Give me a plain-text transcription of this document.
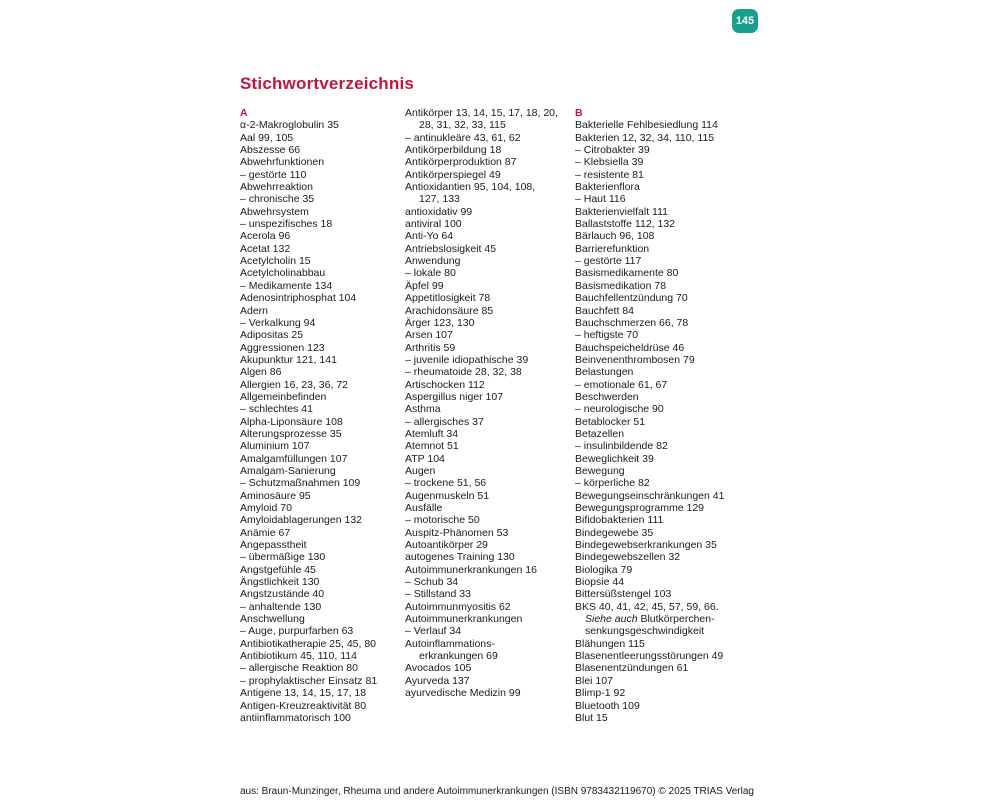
145
Stichwortverzeichnis
A
α-2-Makroglobulin 35
Aal 99, 105
Abszesse 66
Abwehrfunktionen
– gestörte 110
Abwehrreaktion
– chronische 35
Abwehrsystem
– unspezifisches 18
Acerola 96
Acetat 132
Acetylcholin 15
Acetylcholinabbau
– Medikamente 134
Adenosintriphosphat 104
Adern
– Verkalkung 94
Adipositas 25
Aggressionen 123
Akupunktur 121, 141
Algen 86
Allergien 16, 23, 36, 72
Allgemeinbefinden
– schlechtes 41
Alpha-Liponsäure 108
Alterungsprozesse 35
Aluminium 107
Amalgamfüllungen 107
Amalgam-Sanierung
– Schutzmaßnahmen 109
Aminosäure 95
Amyloid 70
Amyloidablagerungen 132
Anämie 67
Angepasstheit
– übermäßige 130
Angstgefühle 45
Ängstlichkeit 130
Angstzustände 40
– anhaltende 130
Anschwellung
– Auge, purpurfarben 63
Antibiotikatherapie 25, 45, 80
Antibiotikum 45, 110, 114
– allergische Reaktion 80
– prophylaktischer Einsatz 81
Antigene 13, 14, 15, 17, 18
Antigen-Kreuzreaktivität 80
antiinflammatorisch 100
Antikörper 13, 14, 15, 17, 18, 20,
28, 31, 32, 33, 115
– antinukleäre 43, 61, 62
Antikörperbildung 18
Antikörperproduktion 87
Antikörperspiegel 49
Antioxidantien 95, 104, 108,
127, 133
antioxidativ 99
antiviral 100
Anti-Yo 64
Antriebslosigkeit 45
Anwendung
– lokale 80
Äpfel 99
Appetitlosigkeit 78
Arachidonsäure 85
Ärger 123, 130
Arsen 107
Arthritis 59
– juvenile idiopathische 39
– rheumatoide 28, 32, 38
Artischocken 112
Aspergillus niger 107
Asthma
– allergisches 37
Atemluft 34
Atemnot 51
ATP 104
Augen
– trockene 51, 56
Augenmuskeln 51
Ausfälle
– motorische 50
Auspitz-Phänomen 53
Autoantikörper 29
autogenes Training 130
Autoimmunerkrankungen 16
– Schub 34
– Stillstand 33
Autoimmunmyositis 62
Autoimmunerkrankungen
– Verlauf 34
Autoinflammations-
erkrankungen 69
Avocados 105
Ayurveda 137
ayurvedische Medizin 99
B
Bakterielle Fehlbesiedlung 114
Bakterien 12, 32, 34, 110, 115
– Citrobakter 39
– Klebsiella 39
– resistente 81
Bakterienflora
– Haut 116
Bakterienvielfalt 111
Ballaststoffe 112, 132
Bärlauch 96, 108
Barrierefunktion
– gestörte 117
Basismedikamente 80
Basismedikation 78
Bauchfellentzündung 70
Bauchfett 84
Bauchschmerzen 66, 78
– heftigste 70
Bauchspeicheldrüse 46
Beinvenenthrombosen 79
Belastungen
– emotionale 61, 67
Beschwerden
– neurologische 90
Betablocker 51
Betazellen
– insulinbildende 82
Beweglichkeit 39
Bewegung
– körperliche 82
Bewegungseinschränkungen 41
Bewegungsprogramme 129
Bifidobakterien 111
Bindegewebe 35
Bindegewebserkrankungen 35
Bindegewebszellen 32
Biologika 79
Biopsie 44
Bittersüßstengel 103
BKS 40, 41, 42, 45, 57, 59, 66.
Siehe auch Blutkörperchen-
senkungsgeschwindigkeit
Blähungen 115
Blasenentleerungsstörungen 49
Blasenentzündungen 61
Blei 107
Blimp-1 92
Bluetooth 109
Blut 15
aus: Braun-Munzinger, Rheuma und andere Autoimmunerkrankungen (ISBN 9783432119670) © 2025 TRIAS Verlag
